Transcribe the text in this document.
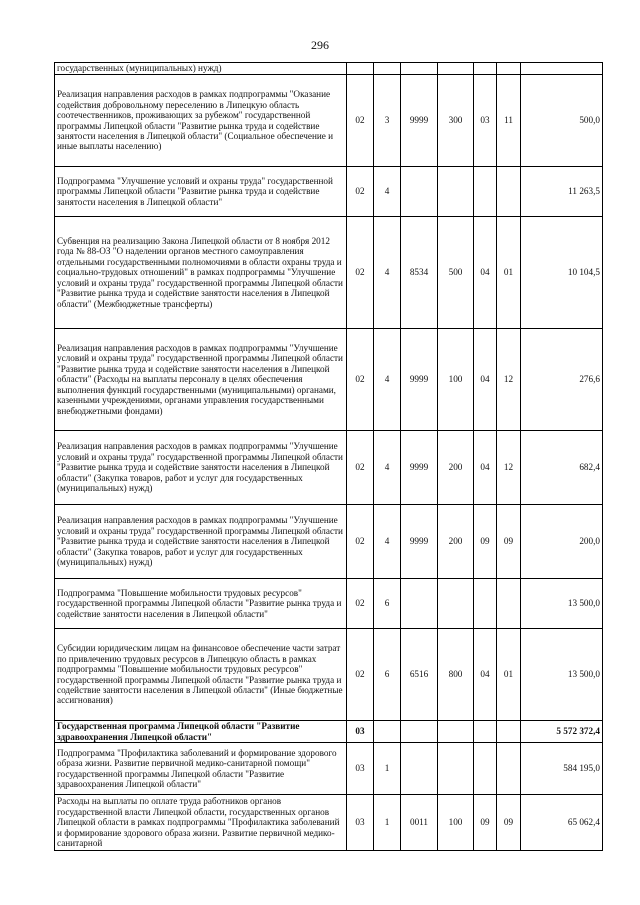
296
государственных (муниципальных) нужд)							
Реализация направления расходов в рамках подпрограммы "Оказание содействия добровольному переселению в Липецкую область соотечественников, проживающих за рубежом" государственной программы Липецкой области "Развитие рынка труда и содействие занятости населения в Липецкой области" (Социальное обеспечение и иные выплаты населению)	02	3	9999	300	03	11	500,0
Подпрограмма "Улучшение условий и охраны труда" государственной программы Липецкой области "Развитие рынка труда и содействие занятости населения в Липецкой области"	02	4					11 263,5
Субвенция на реализацию Закона Липецкой области от 8 ноября 2012 года № 88-ОЗ "О наделении органов местного самоуправления отдельными государственными полномочиями в области охраны труда и социально-трудовых отношений" в рамках подпрограммы "Улучшение условий и охраны труда" государственной программы Липецкой области "Развитие рынка труда и содействие занятости населения в Липецкой области" (Межбюджетные трансферты)	02	4	8534	500	04	01	10 104,5
Реализация направления расходов в рамках подпрограммы "Улучшение условий и охраны труда" государственной программы Липецкой области "Развитие рынка труда и содействие занятости населения в Липецкой области" (Расходы на выплаты персоналу в целях обеспечения выполнения функций государственными (муниципальными) органами, казенными учреждениями, органами управления государственными внебюджетными фондами)	02	4	9999	100	04	12	276,6
Реализация направления расходов в рамках подпрограммы "Улучшение условий и охраны труда" государственной программы Липецкой области "Развитие рынка труда и содействие занятости населения в Липецкой области" (Закупка товаров, работ и услуг для государственных (муниципальных) нужд)	02	4	9999	200	04	12	682,4
Реализация направления расходов в рамках подпрограммы "Улучшение условий и охраны труда" государственной программы Липецкой области "Развитие рынка труда и содействие занятости населения в Липецкой области" (Закупка товаров, работ и услуг для государственных (муниципальных) нужд)	02	4	9999	200	09	09	200,0
Подпрограмма "Повышение мобильности трудовых ресурсов" государственной программы Липецкой области "Развитие рынка труда и содействие занятости населения в Липецкой области"	02	6					13 500,0
Субсидии юридическим лицам на финансовое обеспечение части затрат по привлечению трудовых ресурсов в Липецкую область в рамках подпрограммы "Повышение мобильности трудовых ресурсов" государственной программы Липецкой области "Развитие рынка труда и содействие занятости населения в Липецкой области" (Иные бюджетные ассигнования)	02	6	6516	800	04	01	13 500,0
Государственная программа Липецкой области "Развитие здравоохранения Липецкой области"	03						5 572 372,4
Подпрограмма "Профилактика заболеваний и формирование здорового образа жизни. Развитие первичной медико-санитарной помощи" государственной программы Липецкой области "Развитие здравоохранения Липецкой области"	03	1					584 195,0
Расходы на выплаты по оплате труда работников органов государственной власти Липецкой области, государственных органов Липецкой области в рамках подпрограммы "Профилактика заболеваний и формирование здорового образа жизни. Развитие первичной медико-санитарной	03	1	0011	100	09	09	65 062,4
